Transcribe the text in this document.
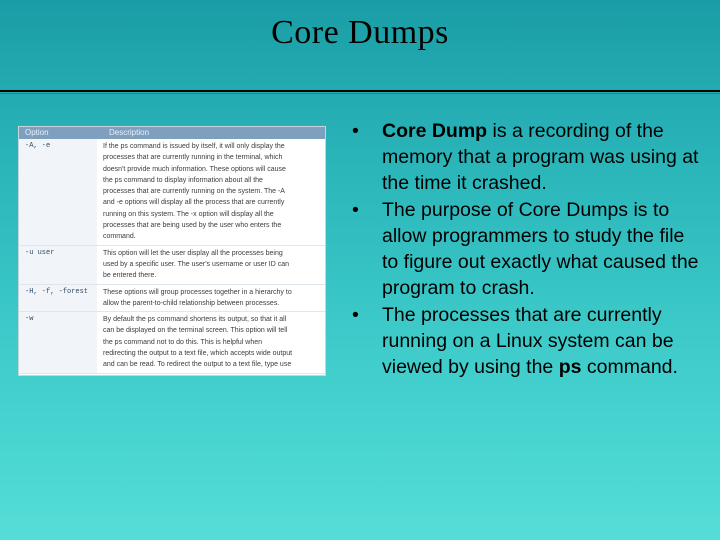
Core Dumps
Option	Description
-A, -e	If the ps command is issued by itself, it will only display the
processes that are currently running in the terminal, which
doesn't provide much information. These options will cause
the ps command to display information about all the
processes that are currently running on the system. The -A
and -e options will display all the process that are currently
running on this system. The -x option will display all the
processes that are being used by the user who enters the
command.
-u user	This option will let the user display all the processes being
used by a specific user. The user's username or user ID can
be entered there.
-H, -f, -forest	These options will group processes together in a hierarchy to
allow the parent-to-child relationship between processes.
-w	By default the ps command shortens its output, so that it all
can be displayed on the terminal screen. This option will tell
the ps command not to do this. This is helpful when
redirecting the output to a text file, which accepts wide output
and can be read. To redirect the output to a text file, type use
• Core Dump is a recording of the memory that a program was using at the time it crashed.
• The purpose of Core Dumps is to allow programmers to study the file to figure out exactly what caused the program to crash.
• The processes that are currently running on a Linux system can be viewed by using the ps command.
